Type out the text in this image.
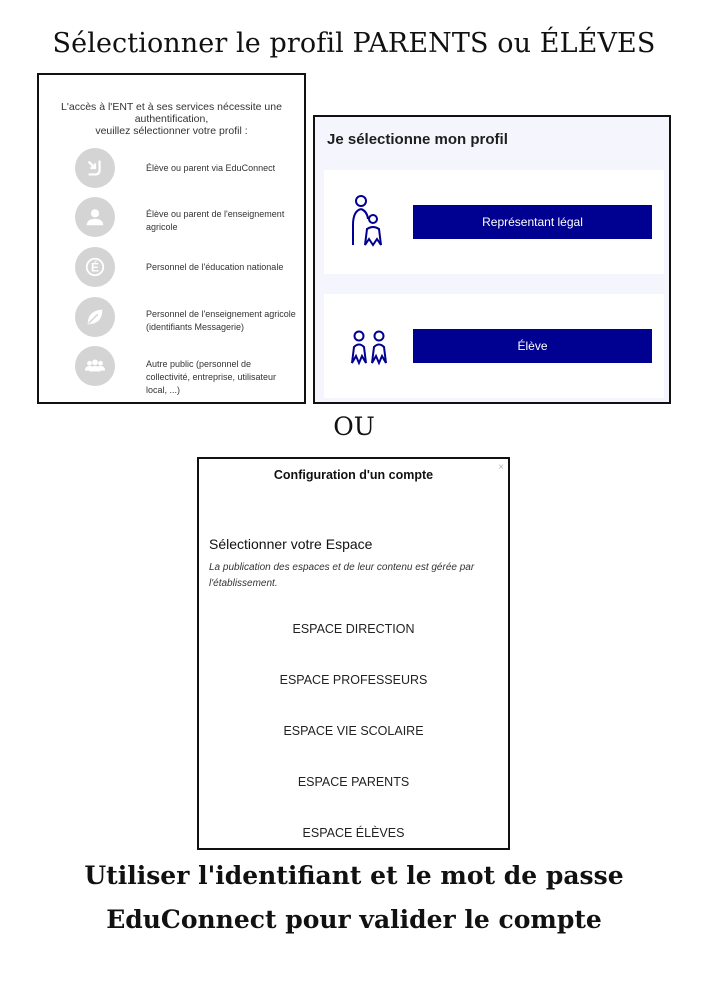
Sélectionner le profil PARENTS ou ÉLÉVES
L'accès à l'ENT et à ses services nécessite une
authentification,
veuillez sélectionner votre profil :
Élève ou parent via EduConnect
Élève ou parent de l'enseignement agricole
É	Personnel de l'éducation nationale
Personnel de l'enseignement agricole (identifiants Messagerie)
Autre public (personnel de collectivité, entreprise, utilisateur local, ...)
Je sélectionne mon profil
Représentant légal
Élève
OU
Configuration d'un compte
×
Sélectionner votre Espace
La publication des espaces et de leur contenu est gérée par l'établissement.
ESPACE DIRECTION
ESPACE PROFESSEURS
ESPACE VIE SCOLAIRE
ESPACE PARENTS
ESPACE ÉLÈVES
Utiliser l'identifiant et le mot de passe
EduConnect pour valider le compte
